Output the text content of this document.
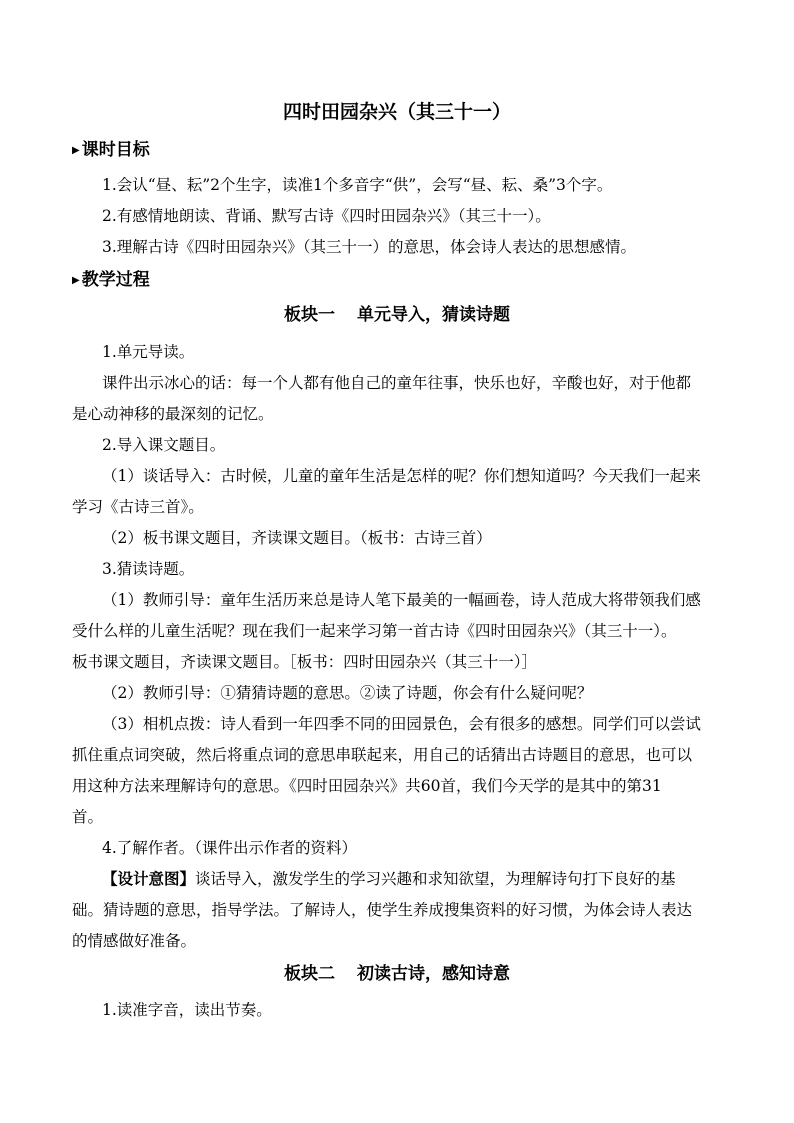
四时田园杂兴（其三十一）
▶ 课时目标
1.会认“昼、耘”2个生字，读准1个多音字“供”，会写“昼、耘、桑”3个字。
2.有感情地朗读、背诵、默写古诗《四时田园杂兴》（其三十一）。
3.理解古诗《四时田园杂兴》（其三十一）的意思，体会诗人表达的思想感情。
▶ 教学过程
板块一 单元导入，猜读诗题
1.单元导读。
课件出示冰心的话：每一个人都有他自己的童年往事，快乐也好，辛酸也好，对于他都
是心动神移的最深刻的记忆。
2.导入课文题目。
（1）谈话导入：古时候，儿童的童年生活是怎样的呢？你们想知道吗？今天我们一起来
学习《古诗三首》。
（2）板书课文题目，齐读课文题目。（板书：古诗三首）
3.猜读诗题。
（1）教师引导：童年生活历来总是诗人笔下最美的一幅画卷，诗人范成大将带领我们感
受什么样的儿童生活呢？现在我们一起来学习第一首古诗《四时田园杂兴》（其三十一）。
板书课文题目，齐读课文题目。［板书：四时田园杂兴（其三十一）］
（2）教师引导：①猜猜诗题的意思。②读了诗题，你会有什么疑问呢？
（3）相机点拨：诗人看到一年四季不同的田园景色，会有很多的感想。同学们可以尝试
抓住重点词突破，然后将重点词的意思串联起来，用自己的话猜出古诗题目的意思，也可以
用这种方法来理解诗句的意思。《四时田园杂兴》共60首，我们今天学的是其中的第31
首。
4.了解作者。（课件出示作者的资料）
【设计意图】谈话导入，激发学生的学习兴趣和求知欲望，为理解诗句打下良好的基
础。猜诗题的意思，指导学法。了解诗人，使学生养成搜集资料的好习惯，为体会诗人表达
的情感做好准备。
板块二 初读古诗，感知诗意
1.读准字音，读出节奏。
